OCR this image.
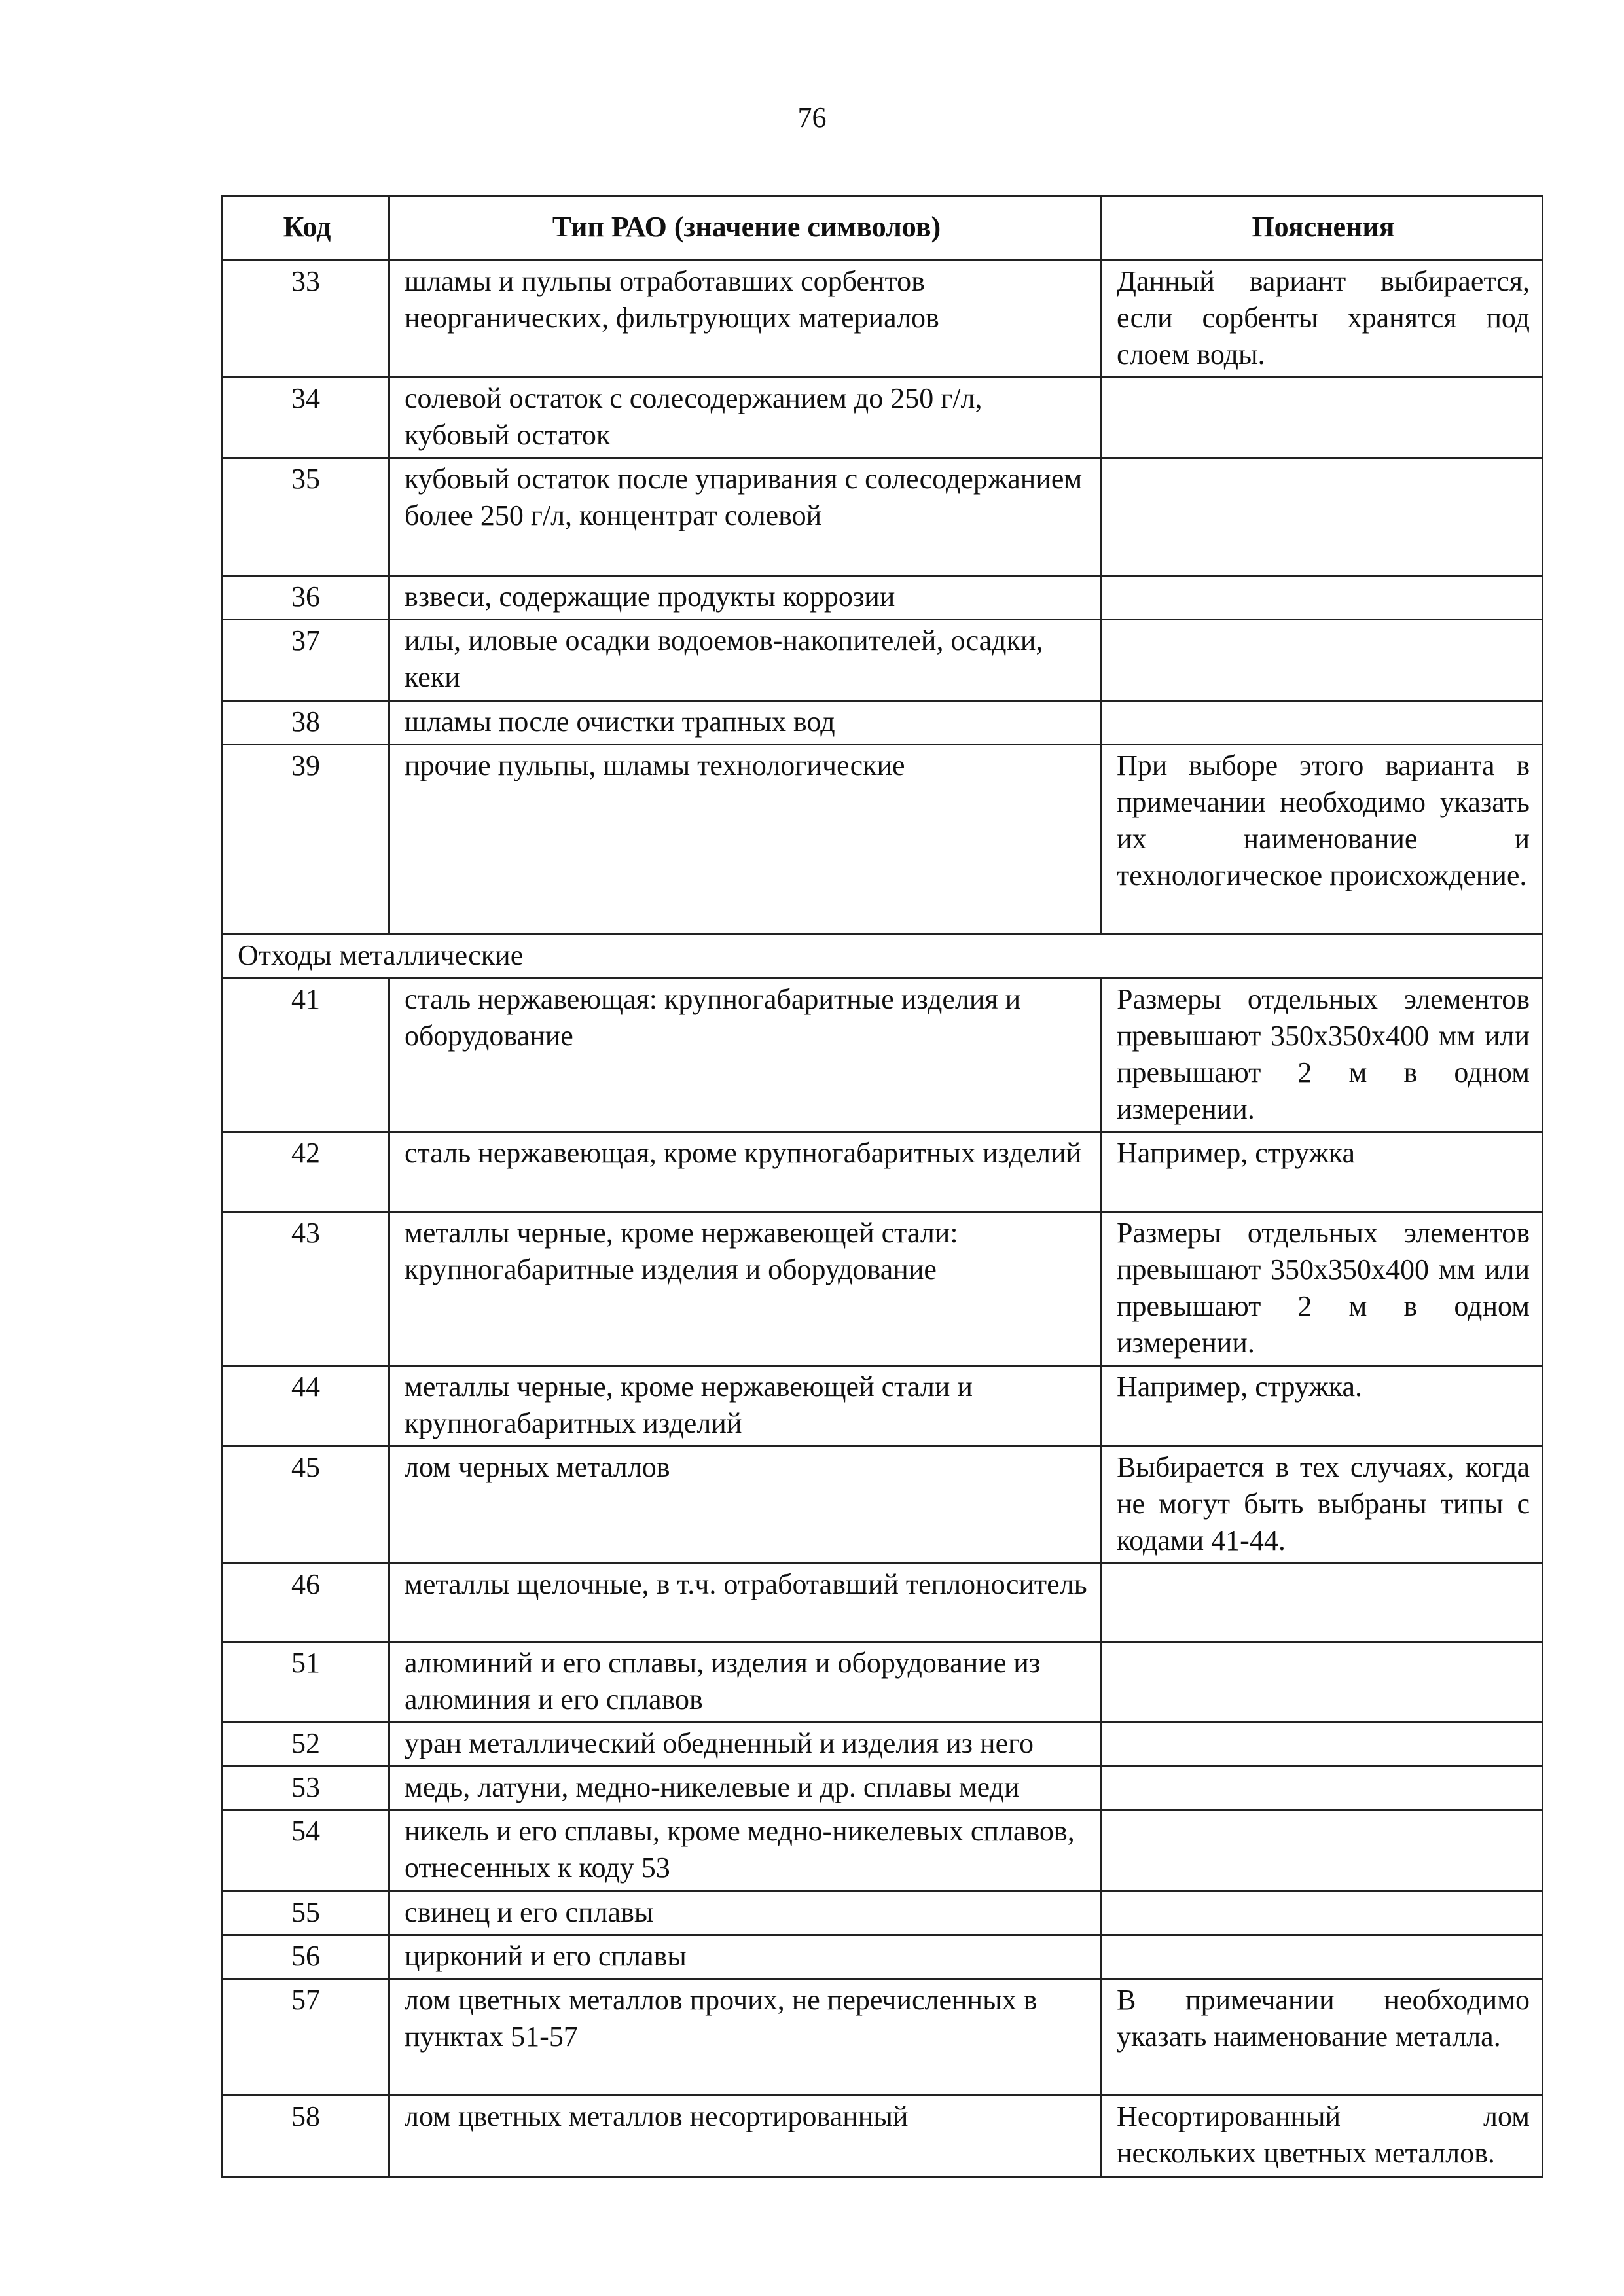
76
Код	Тип РАО (значение символов)	Пояснения
33	шламы и пульпы отработавших сорбентов неорганических, фильтрующих материалов	Данный вариант выбирается, если сорбенты хранятся под слоем воды.
34	солевой остаток с солесодержанием до 250 г/л, кубовый остаток	
35	кубовый остаток после упаривания с солесодержанием более 250 г/л, концентрат солевой	
36	взвеси, содержащие продукты коррозии	
37	илы, иловые осадки водоемов-накопителей, осадки, кеки	
38	шламы после очистки трапных вод	
39	прочие пульпы, шламы технологические	При выборе этого варианта в примечании необходимо указать их наименование и технологическое происхождение.
Отходы металлические		
41	сталь нержавеющая: крупногабаритные изделия и оборудование	Размеры отдельных элементов превышают 350х350х400 мм или превышают 2 м в одном измерении.
42	сталь нержавеющая, кроме крупногабаритных изделий	Например, стружка
43	металлы черные, кроме нержавеющей стали: крупногабаритные изделия и оборудование	Размеры отдельных элементов превышают 350х350х400 мм или превышают 2 м в одном измерении.
44	металлы черные, кроме нержавеющей стали и крупногабаритных изделий	Например, стружка.
45	лом черных металлов	Выбирается в тех случаях, когда не могут быть выбраны типы с кодами 41-44.
46	металлы щелочные, в т.ч. отработавший теплоноситель	
51	алюминий и его сплавы, изделия и оборудование из алюминия и его сплавов	
52	уран металлический обедненный и изделия из него	
53	медь, латуни, медно-никелевые и др. сплавы меди	
54	никель и его сплавы, кроме медно-никелевых сплавов, отнесенных к коду 53	
55	свинец и его сплавы	
56	цирконий и его сплавы	
57	лом цветных металлов прочих, не перечисленных в пунктах 51-57	В примечании необходимо указать наименование металла.
58	лом цветных металлов несортированный	Несортированный лом нескольких цветных металлов.
